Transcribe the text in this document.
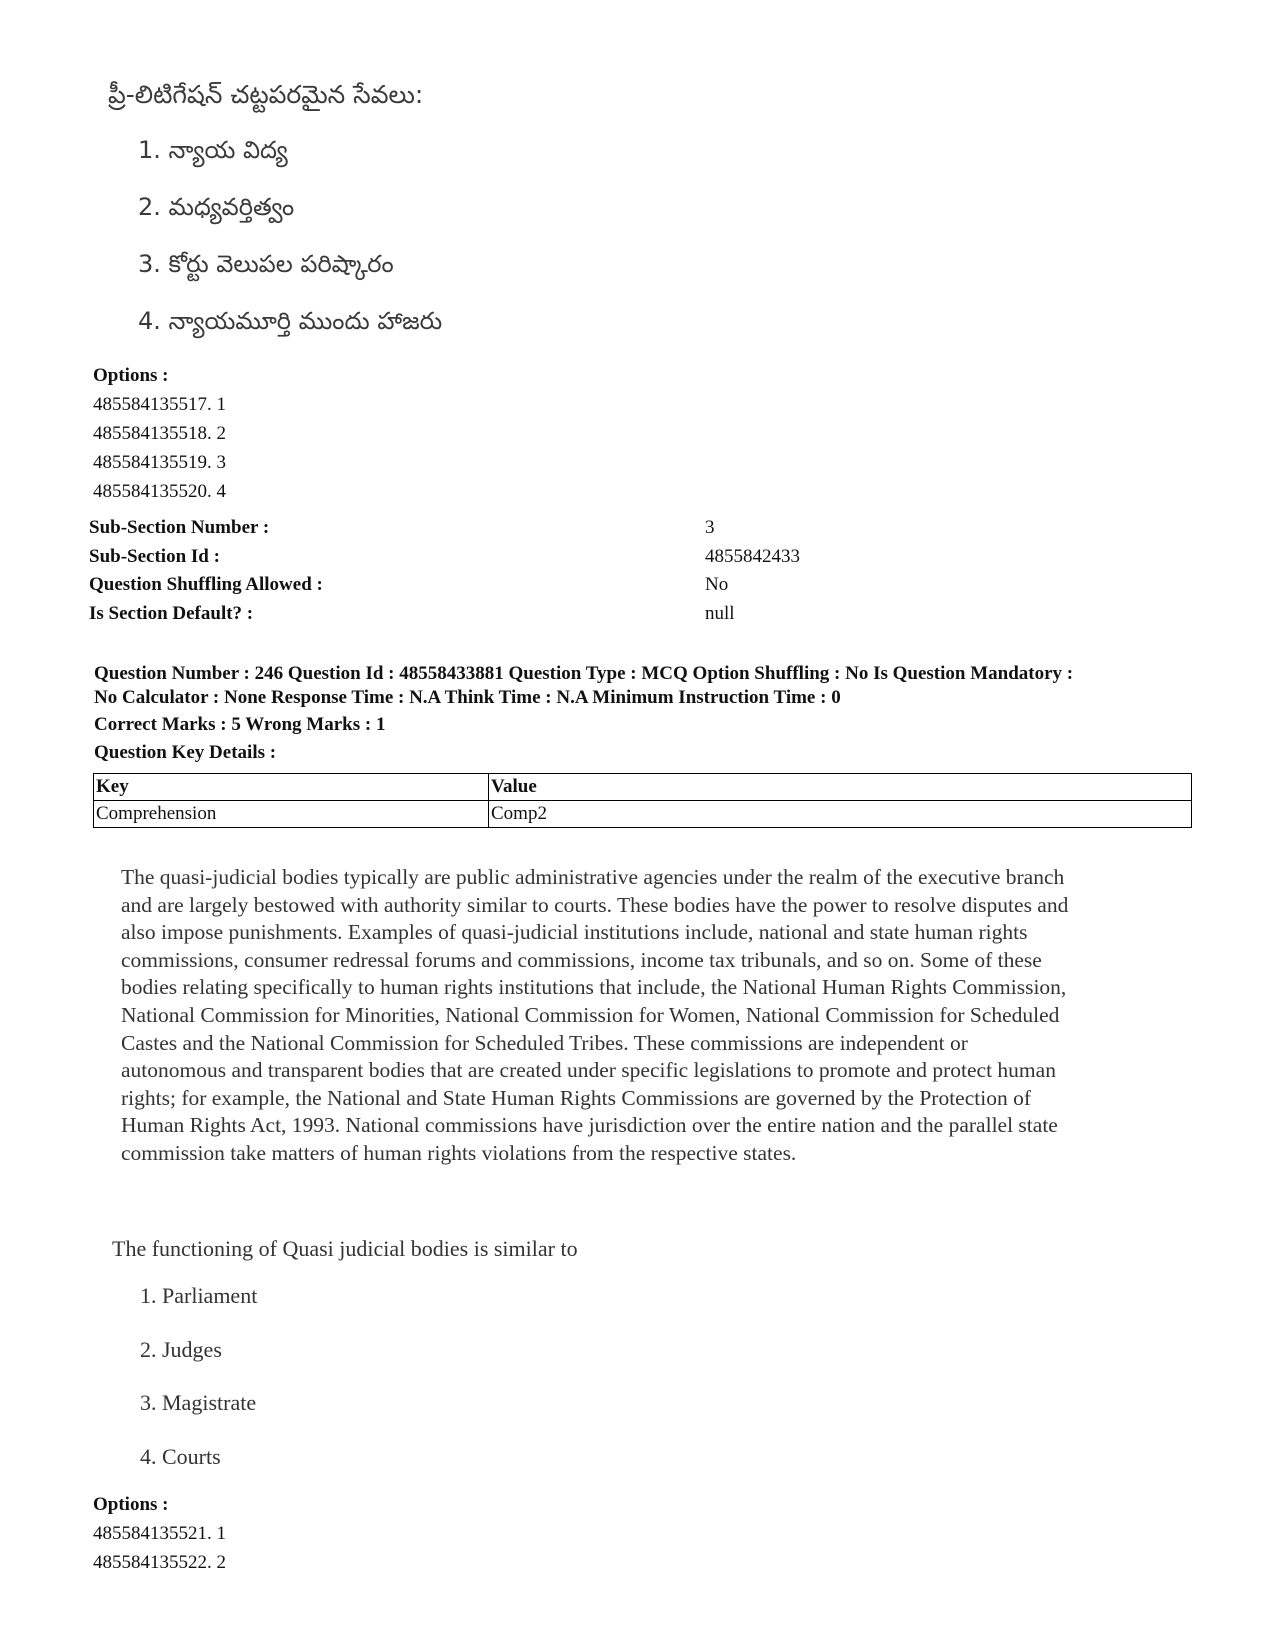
ప్రీ-లిటిగేషన్ చట్టపరమైన సేవలు:
1. న్యాయ విద్య
2. మధ్యవర్తిత్వం
3. కోర్టు వెలుపల పరిష్కారం
4. న్యాయమూర్తి ముందు హాజరు
Options :
485584135517. 1
485584135518. 2
485584135519. 3
485584135520. 4
Sub-Section Number :	3
Sub-Section Id :	4855842433
Question Shuffling Allowed :	No
Is Section Default? :	null
Question Number : 246 Question Id : 48558433881 Question Type : MCQ Option Shuffling : No Is Question Mandatory :
No Calculator : None Response Time : N.A Think Time : N.A Minimum Instruction Time : 0
Correct Marks : 5 Wrong Marks : 1
Question Key Details :
Key	Value
Comprehension	Comp2
The quasi-judicial bodies typically are public administrative agencies under the realm of the executive branch
and are largely bestowed with authority similar to courts. These bodies have the power to resolve disputes and
also impose punishments. Examples of quasi-judicial institutions include, national and state human rights
commissions, consumer redressal forums and commissions, income tax tribunals, and so on. Some of these
bodies relating specifically to human rights institutions that include, the National Human Rights Commission,
National Commission for Minorities, National Commission for Women, National Commission for Scheduled
Castes and the National Commission for Scheduled Tribes. These commissions are independent or
autonomous and transparent bodies that are created under specific legislations to promote and protect human
rights; for example, the National and State Human Rights Commissions are governed by the Protection of
Human Rights Act, 1993. National commissions have jurisdiction over the entire nation and the parallel state
commission take matters of human rights violations from the respective states.
The functioning of Quasi judicial bodies is similar to
1. Parliament
2. Judges
3. Magistrate
4. Courts
Options :
485584135521. 1
485584135522. 2
